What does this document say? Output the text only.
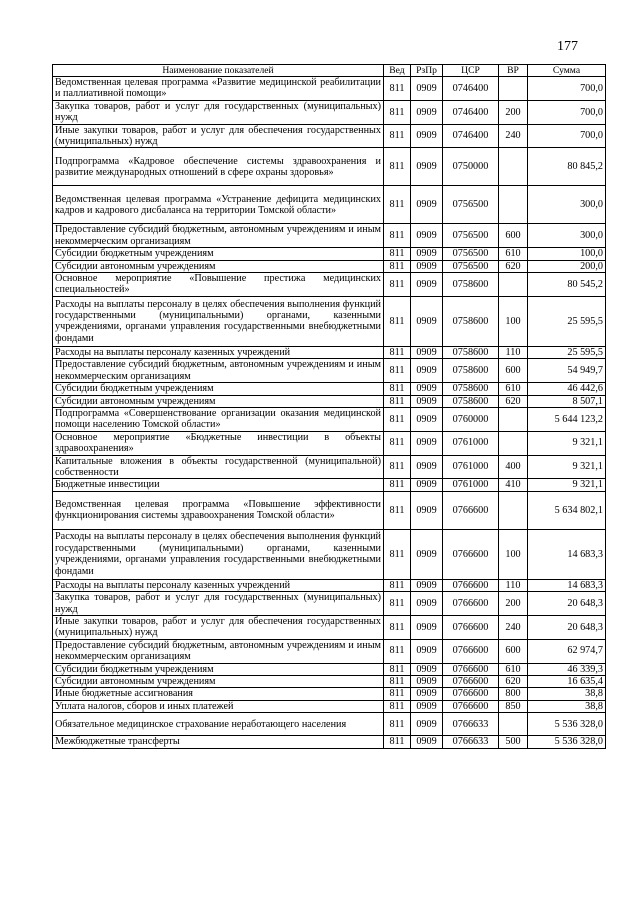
177
Наименование показателей	Вед	РзПр	ЦСР	ВР	Сумма
Ведомственная целевая программа «Развитие медицинской реабилитации и паллиативной помощи»	811	0909	0746400		700,0
Закупка товаров, работ и услуг для государственных (муниципальных) нужд	811	0909	0746400	200	700,0
Иные закупки товаров, работ и услуг для обеспечения государственных (муниципальных) нужд	811	0909	0746400	240	700,0
Подпрограмма «Кадровое обеспечение системы здравоохранения и развитие международных отношений в сфере охраны здоровья»	811	0909	0750000		80 845,2
Ведомственная целевая программа «Устранение дефицита медицинских кадров и кадрового дисбаланса на территории Томской области»	811	0909	0756500		300,0
Предоставление субсидий бюджетным, автономным учреждениям и иным некоммерческим организациям	811	0909	0756500	600	300,0
Субсидии бюджетным учреждениям	811	0909	0756500	610	100,0
Субсидии автономным учреждениям	811	0909	0756500	620	200,0
Основное мероприятие «Повышение престижа медицинских специальностей»	811	0909	0758600		80 545,2
Расходы на выплаты персоналу в целях обеспечения выполнения функций государственными (муниципальными) органами, казенными учреждениями, органами управления государственными внебюджетными фондами	811	0909	0758600	100	25 595,5
Расходы на выплаты персоналу казенных учреждений	811	0909	0758600	110	25 595,5
Предоставление субсидий бюджетным, автономным учреждениям и иным некоммерческим организациям	811	0909	0758600	600	54 949,7
Субсидии бюджетным учреждениям	811	0909	0758600	610	46 442,6
Субсидии автономным учреждениям	811	0909	0758600	620	8 507,1
Подпрограмма «Совершенствование организации оказания медицинской помощи населению Томской области»	811	0909	0760000		5 644 123,2
Основное мероприятие «Бюджетные инвестиции в объекты здравоохранения»	811	0909	0761000		9 321,1
Капитальные вложения в объекты государственной (муниципальной) собственности	811	0909	0761000	400	9 321,1
Бюджетные инвестиции	811	0909	0761000	410	9 321,1
Ведомственная целевая программа «Повышение эффективности функционирования системы здравоохранения Томской области»	811	0909	0766600		5 634 802,1
Расходы на выплаты персоналу в целях обеспечения выполнения функций государственными (муниципальными) органами, казенными учреждениями, органами управления государственными внебюджетными фондами	811	0909	0766600	100	14 683,3
Расходы на выплаты персоналу казенных учреждений	811	0909	0766600	110	14 683,3
Закупка товаров, работ и услуг для государственных (муниципальных) нужд	811	0909	0766600	200	20 648,3
Иные закупки товаров, работ и услуг для обеспечения государственных (муниципальных) нужд	811	0909	0766600	240	20 648,3
Предоставление субсидий бюджетным, автономным учреждениям и иным некоммерческим организациям	811	0909	0766600	600	62 974,7
Субсидии бюджетным учреждениям	811	0909	0766600	610	46 339,3
Субсидии автономным учреждениям	811	0909	0766600	620	16 635,4
Иные бюджетные ассигнования	811	0909	0766600	800	38,8
Уплата налогов, сборов и иных платежей	811	0909	0766600	850	38,8
Обязательное медицинское страхование неработающего населения	811	0909	0766633		5 536 328,0
Межбюджетные трансферты	811	0909	0766633	500	5 536 328,0
